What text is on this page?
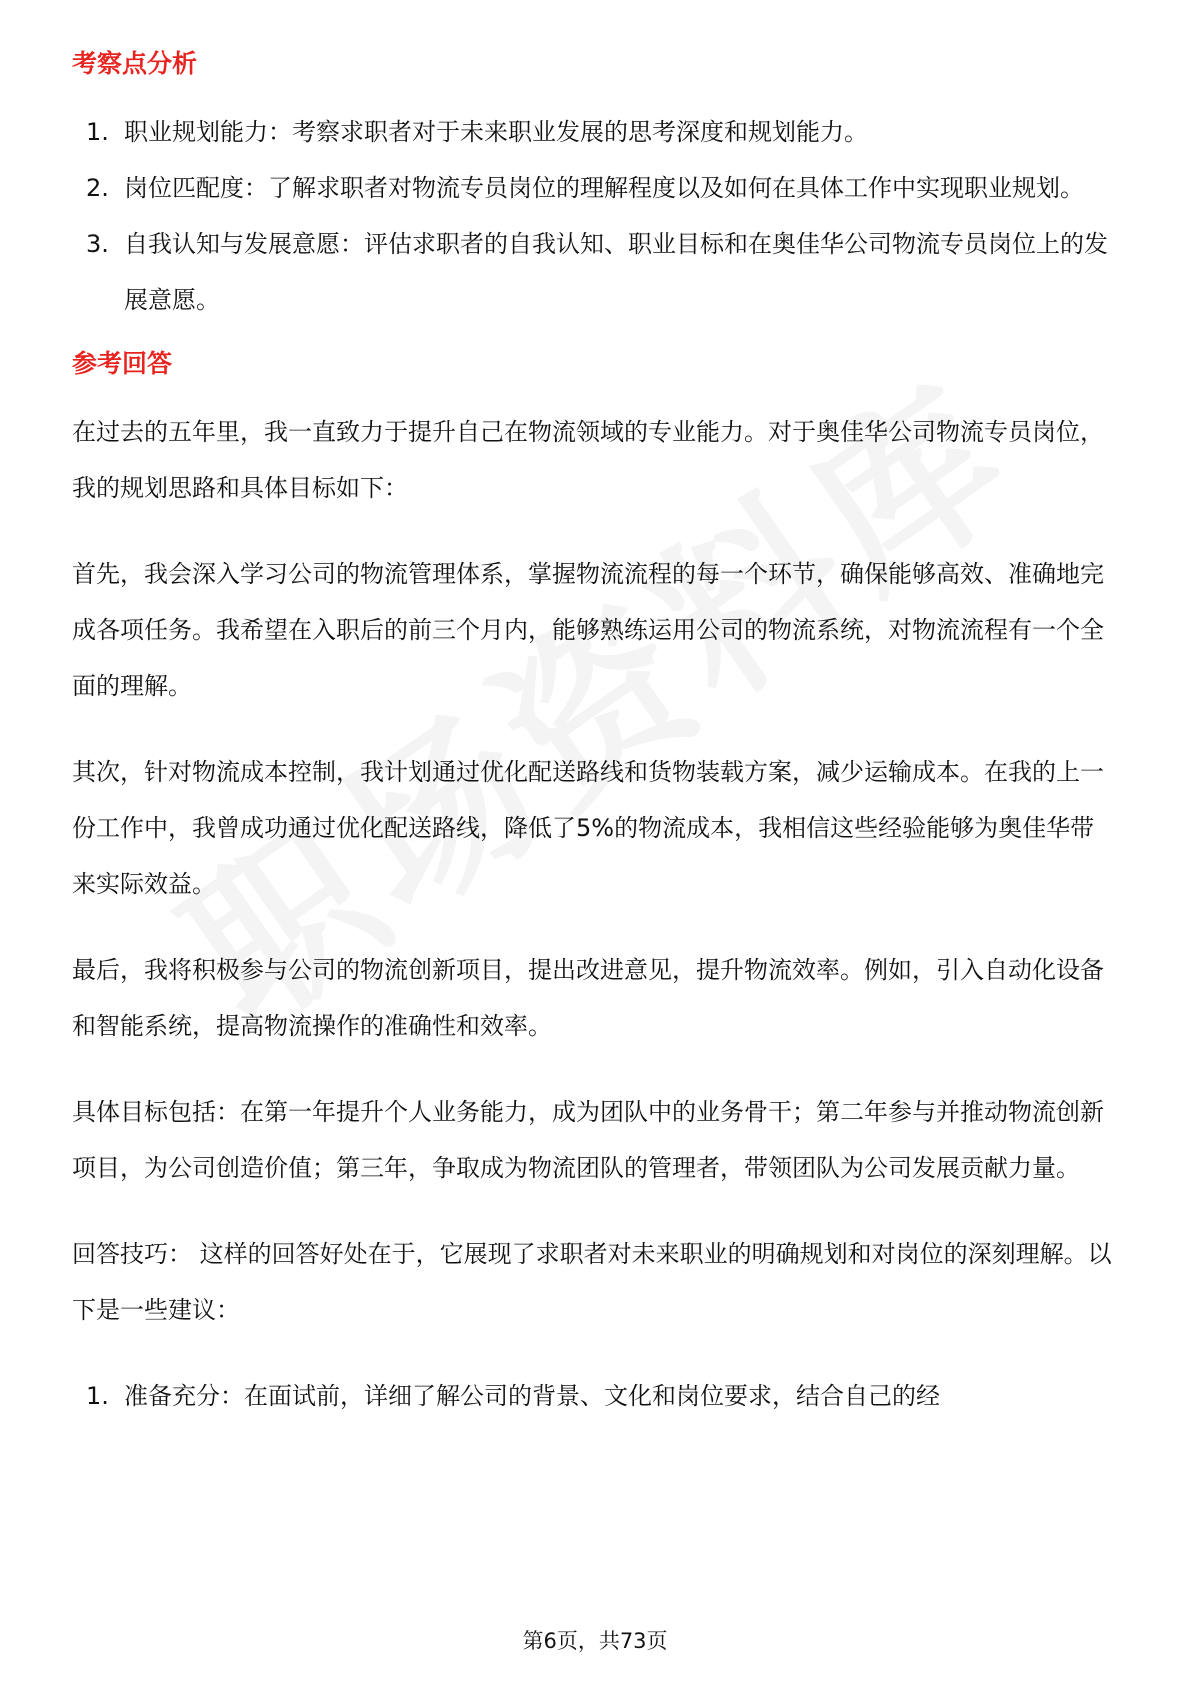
考察点分析
1. 职业规划能力：考察求职者对于未来职业发展的思考深度和规划能力。
2. 岗位匹配度：了解求职者对物流专员岗位的理解程度以及如何在具体工作中实现职业规划。
3. 自我认知与发展意愿：评估求职者的自我认知、职业目标和在奥佳华公司物流专员岗位上的发展意愿。
参考回答

在过去的五年里，我一直致力于提升自己在物流领域的专业能力。对于奥佳华公司物流专员岗位，我的规划思路和具体目标如下：

首先，我会深入学习公司的物流管理体系，掌握物流流程的每一个环节，确保能够高效、准确地完成各项任务。我希望在入职后的前三个月内，能够熟练运用公司的物流系统，对物流流程有一个全面的理解。

其次，针对物流成本控制，我计划通过优化配送路线和货物装载方案，减少运输成本。在我的上一份工作中，我曾成功通过优化配送路线，降低了5%的物流成本，我相信这些经验能够为奥佳华带来实际效益。

最后，我将积极参与公司的物流创新项目，提出改进意见，提升物流效率。例如，引入自动化设备和智能系统，提高物流操作的准确性和效率。

具体目标包括：在第一年提升个人业务能力，成为团队中的业务骨干；第二年参与并推动物流创新项目，为公司创造价值；第三年，争取成为物流团队的管理者，带领团队为公司发展贡献力量。

回答技巧： 这样的回答好处在于，它展现了求职者对未来职业的明确规划和对岗位的深刻理解。以下是一些建议：

1. 准备充分：在面试前，详细了解公司的背景、文化和岗位要求，结合自己的经
第6页，共73页
